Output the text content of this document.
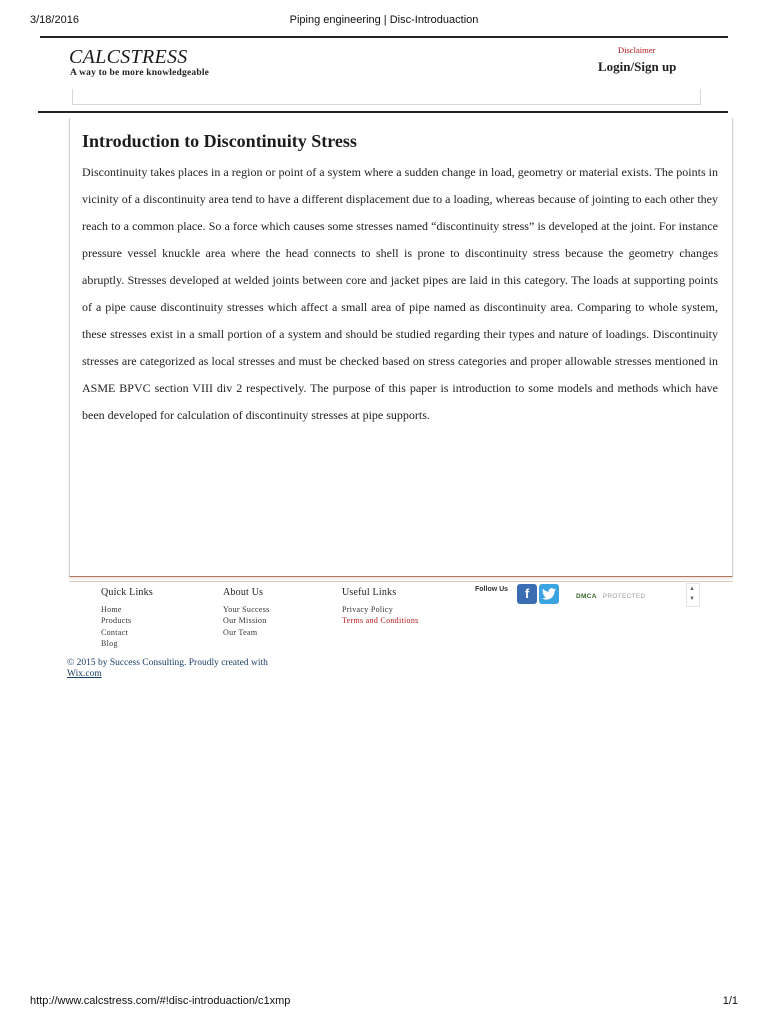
3/18/2016	Piping engineering | Disc-Introduaction
CALCSTRESS
A way to be more knowledgeable
Disclaimer
Login/Sign up
Introduction to Discontinuity Stress

Discontinuity takes places in a region or point of a system where a sudden change in load, geometry or material exists. The points in vicinity of a discontinuity area tend to have a different displacement due to a loading, whereas because of jointing to each other they reach to a common place. So a force which causes some stresses named “discontinuity stress” is developed at the joint. For instance pressure vessel knuckle area where the head connects to shell is prone to discontinuity stress because the geometry changes abruptly. Stresses developed at welded joints between core and jacket pipes are laid in this category. The loads at supporting points of a pipe cause discontinuity stresses which affect a small area of pipe named as discontinuity area. Comparing to whole system, these stresses exist in a small portion of a system and should be studied regarding their types and nature of loadings. Discontinuity stresses are categorized as local stresses and must be checked based on stress categories and proper allowable stresses mentioned in ASME BPVC section VIII div 2 respectively. The purpose of this paper is introduction to some models and methods which have been developed for calculation of discontinuity stresses at pipe supports.

Quick Links
Home
Products
Contact
Blog
About Us
Your Success
Our Mission
Our Team
Useful Links
Privacy Policy
Terms and Conditions
Follow Us	f	DMCA PROTECTED
▲
▼
© 2015 by Success Consulting. Proudly created with
Wix.com
http://www.calcstress.com/#!disc-introduaction/c1xmp	1/1
